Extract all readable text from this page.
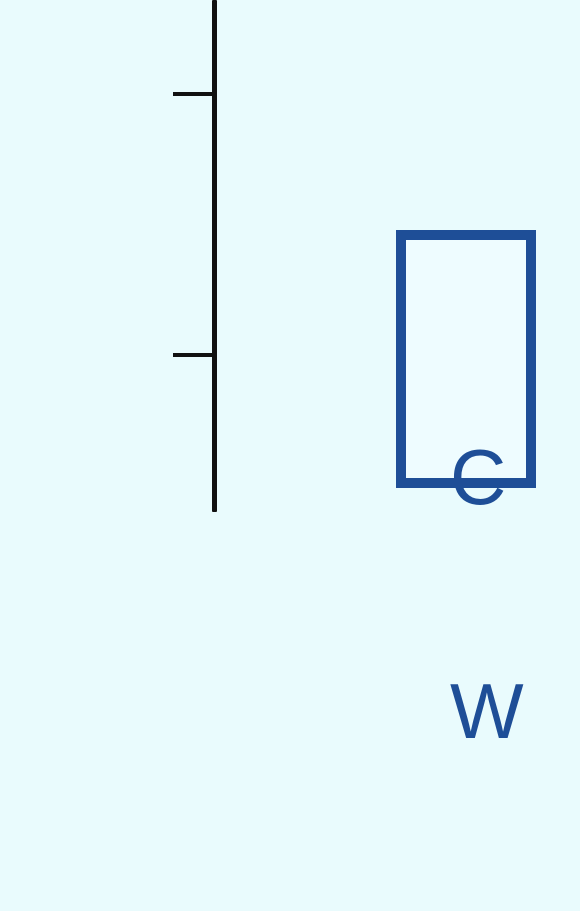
C

W
